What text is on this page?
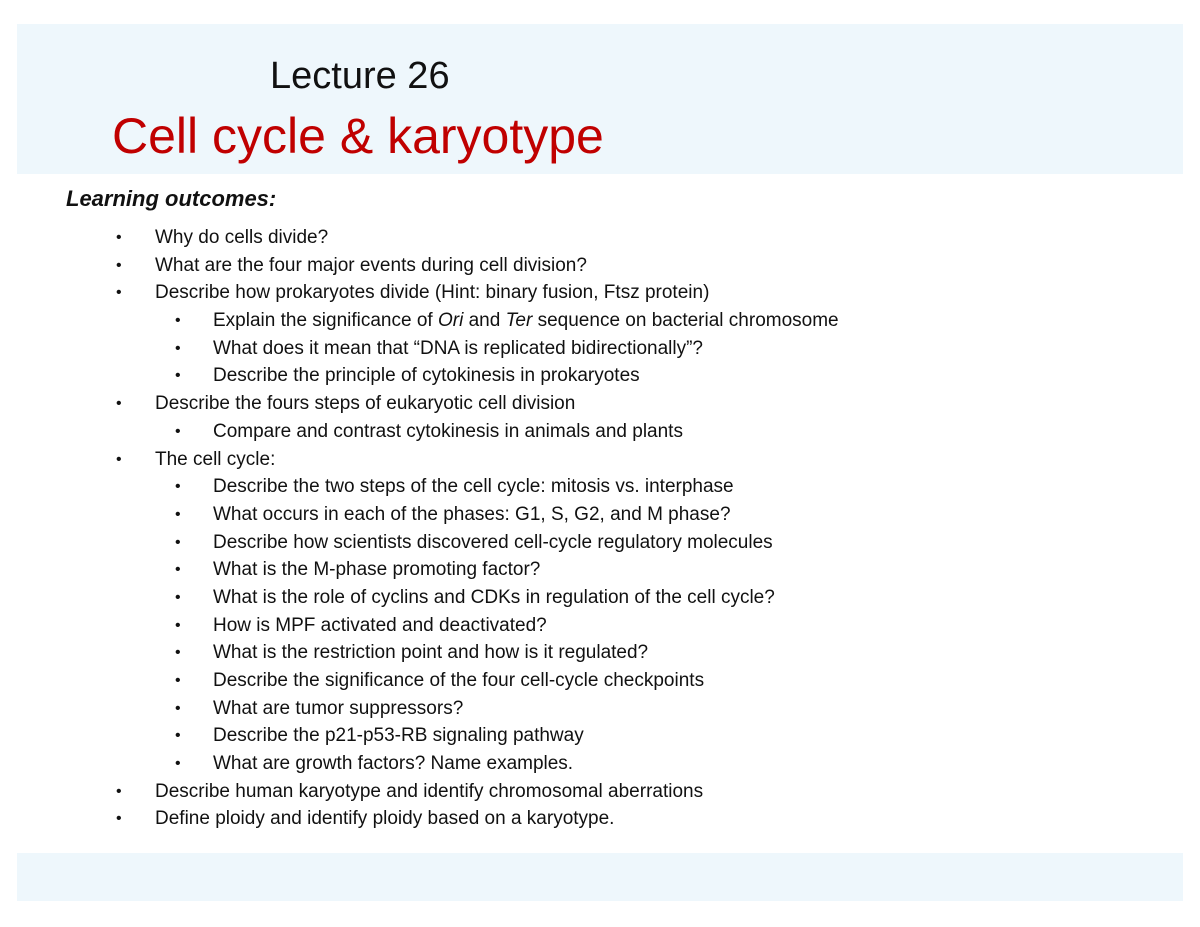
Lecture 26
Cell cycle & karyotype
Learning outcomes:
• Why do cells divide?
• What are the four major events during cell division?
• Describe how prokaryotes divide (Hint: binary fusion, Ftsz protein)
• Explain the significance of Ori and Ter sequence on bacterial chromosome
• What does it mean that “DNA is replicated bidirectionally”?
• Describe the principle of cytokinesis in prokaryotes
• Describe the fours steps of eukaryotic cell division
• Compare and contrast cytokinesis in animals and plants
• The cell cycle:
• Describe the two steps of the cell cycle: mitosis vs. interphase
• What occurs in each of the phases: G1, S, G2, and M phase?
• Describe how scientists discovered cell-cycle regulatory molecules
• What is the M-phase promoting factor?
• What is the role of cyclins and CDKs in regulation of the cell cycle?
• How is MPF activated and deactivated?
• What is the restriction point and how is it regulated?
• Describe the significance of the four cell-cycle checkpoints
• What are tumor suppressors?
• Describe the p21-p53-RB signaling pathway
• What are growth factors? Name examples.
• Describe human karyotype and identify chromosomal aberrations
• Define ploidy and identify ploidy based on a karyotype.
